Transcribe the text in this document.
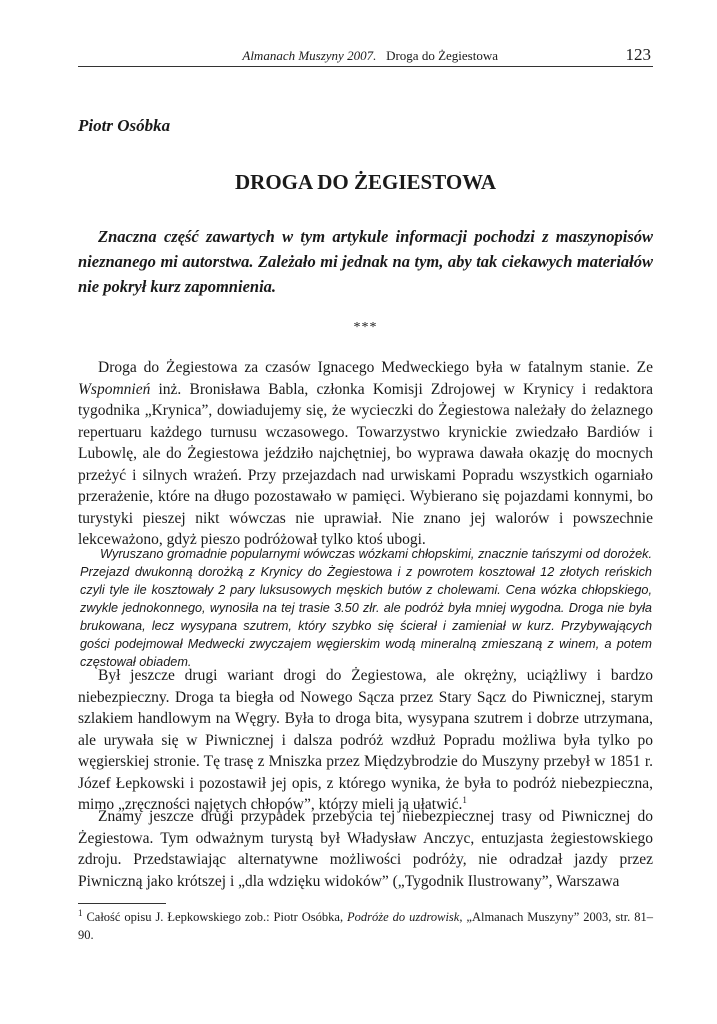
Almanach Muszyny 2007. Droga do Żegiestowa	123

Piotr Osóbka

DROGA DO ŻEGIESTOWA

Znaczna część zawartych w tym artykule informacji pochodzi z maszynopisów nieznanego mi autorstwa. Zależało mi jednak na tym, aby tak ciekawych materiałów nie pokrył kurz zapomnienia.

***

Droga do Żegiestowa za czasów Ignacego Medweckiego była w fatalnym stanie. Ze Wspomnień inż. Bronisława Babla, członka Komisji Zdrojowej w Krynicy i redaktora tygodnika „Krynica”, dowiadujemy się, że wycieczki do Żegiestowa należały do żelaznego repertuaru każdego turnusu wczasowego. Towarzystwo krynickie zwiedzało Bardiów i Lubowlę, ale do Żegiestowa jeździło najchętniej, bo wyprawa dawała okazję do mocnych przeżyć i silnych wrażeń. Przy przejazdach nad urwiskami Popradu wszystkich ogarniało przerażenie, które na długo pozostawało w pamięci. Wybierano się pojazdami konnymi, bo turystyki pieszej nikt wówczas nie uprawiał. Nie znano jej walorów i powszechnie lekceważono, gdyż pieszo podróżował tylko ktoś ubogi.

Wyruszano gromadnie popularnymi wówczas wózkami chłopskimi, znacznie tańszymi od dorożek. Przejazd dwukonną dorożką z Krynicy do Żegiestowa i z powrotem kosztował 12 złotych reńskich czyli tyle ile kosztowały 2 pary luksusowych męskich butów z cholewami. Cena wózka chłopskiego, zwykle jednokonnego, wynosiła na tej trasie 3.50 złr. ale podróż była mniej wygodna. Droga nie była brukowana, lecz wysypana szutrem, który szybko się ścierał i zamieniał w kurz. Przybywających gości podejmował Medwecki zwyczajem węgierskim wodą mineralną zmieszaną z winem, a potem częstował obiadem.

Był jeszcze drugi wariant drogi do Żegiestowa, ale okrężny, uciążliwy i bardzo niebezpieczny. Droga ta biegła od Nowego Sącza przez Stary Sącz do Piwnicznej, starym szlakiem handlowym na Węgry. Była to droga bita, wysypana szutrem i dobrze utrzymana, ale urywała się w Piwnicznej i dalsza podróż wzdłuż Popradu możliwa była tylko po węgierskiej stronie. Tę trasę z Mniszka przez Międzybrodzie do Muszyny przebył w 1851 r. Józef Łepkowski i pozostawił jej opis, z którego wynika, że była to podróż niebezpieczna, mimo „zręczności najętych chłopów”, którzy mieli ją ułatwić.$^1$

Znamy jeszcze drugi przypadek przebycia tej niebezpiecznej trasy od Piwnicznej do Żegiestowa. Tym odważnym turystą był Władysław Anczyc, entuzjasta żegiestowskiego zdroju. Przedstawiając alternatywne możliwości podróży, nie odradzał jazdy przez Piwniczną jako krótszej i „dla wdzięku widoków” („Tygodnik Ilustrowany”, Warszawa

$^1$ Całość opisu J. Łepkowskiego zob.: Piotr Osóbka, Podróże do uzdrowisk, „Almanach Muszyny” 2003, str. 81– 90.
